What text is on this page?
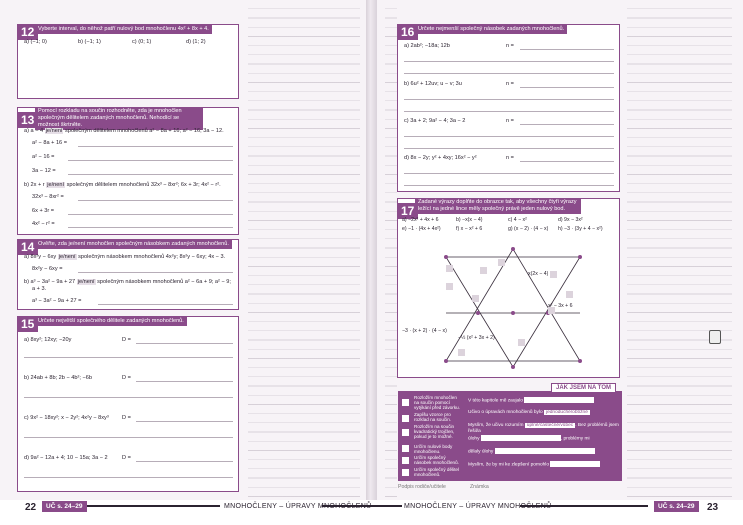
12 Vyberte interval, do něhož patří nulový bod mnohočlenu 4x² + 8x + 4.
a) (−1; 0)	b) (−1; 1)	c) (0; 1)	d) (1; 2)
13
Pomocí rozkladu na součin rozhodněte, zda je mnohočlen společným dělitelem zadaných mnohočlenů. Nehodící se možnost škrtněte.
a) a − 4 je/není společným dělitelem mnohočlenů a² − 8a + 16; a² − 16; 3a − 12.
a² − 8a + 16 =
a² − 16 =
3a − 12 =
b) 2x + r je/není společným dělitelem mnohočlenů 32x³ − 8xr²; 6x + 3r; 4x² − r².
32x³ − 8xr² =
6x + 3r =
4x² − r² =
14 Ověřte, zda je/není mnohočlen společným násobkem zadaných mnohočlenů.
a) 8x²y − 6xy je/není společným násobkem mnohočlenů 4x²y; 8x²y − 6xy; 4x − 3.
8x²y − 6xy =
b) a³ − 3a² − 9a + 27 je/není společným násobkem mnohočlenů a² − 6a + 9; a² − 9;
a + 3.
a³ − 3a² − 9a + 27 =
15 Určete největší společného dělitele zadaných mnohočlenů.
a) 8xy²; 12xy; −20y	D =
b) 24ab + 8b; 2b − 4b²; −6b	D =
c) 9x² − 18xy²; x − 2y²; 4x²y − 8xy³ D =
d) 9a² − 12a + 4; 10 − 15a; 3a − 2	D =
16 Určete nejmenší společný násobek zadaných mnohočlenů.
a) 2ab²; −18a; 12b	n =
b) 6u² + 12uv; u − v; 3u	n =
c) 3a + 2; 9a² − 4; 3a − 2	n =
d) 8x − 2y; y² + 4xy; 16x² − y²	n =
17
Zadané výrazy doplňte do obrazce tak, aby všechny čtyři výrazy ležící na jedné lince měly společný právě jeden nulový bod.
a) −2x² + 4x + 6	b) −x(x − 4)	c) 4 − x²	d) 9x − 3x²
e) −1 · (4x + 4x²)	f) x − x² + 6	g) (x − 2) · (4 − x) h) −3 · (3y + 4 − x²)
x(2x − 4)
x² − 3x + 6
−3 · (x + 2) · (4 − x)
−½ (x² + 3x + 2)
JAK JSEM NA TOM
Rozložím mnohočlen na součin pomocí vytýkání před závorku.
Zapíšu vzorce pro rozklad na součin.
Rozložím na součin kvadratický trojčlen, pokud je to možné.
Určím nulové body mnohočlenu.
Určím společný násobek mnohočlenů.
Určím společný dělitel mnohočlenů.
V této kapitole mě zaujalo
Učivo o úpravách mnohočlenů bylo jednoduché/obtížné
Myslím, že učivu rozumím úplně/částečně/vůbec . Bez problémů jsem řešil/a
úlohy	, problémy mi
dělaly úlohy
Myslím, že by mi ke zlepšení pomohlo
Podpis rodiče/učitele	Známka
22	UČ s. 24–29	MNOHOČLENY – ÚPRAVY MNOHOČLENŮ	MNOHOČLENY – ÚPRAVY MNOHOČLENŮ	UČ s. 24–29	23
